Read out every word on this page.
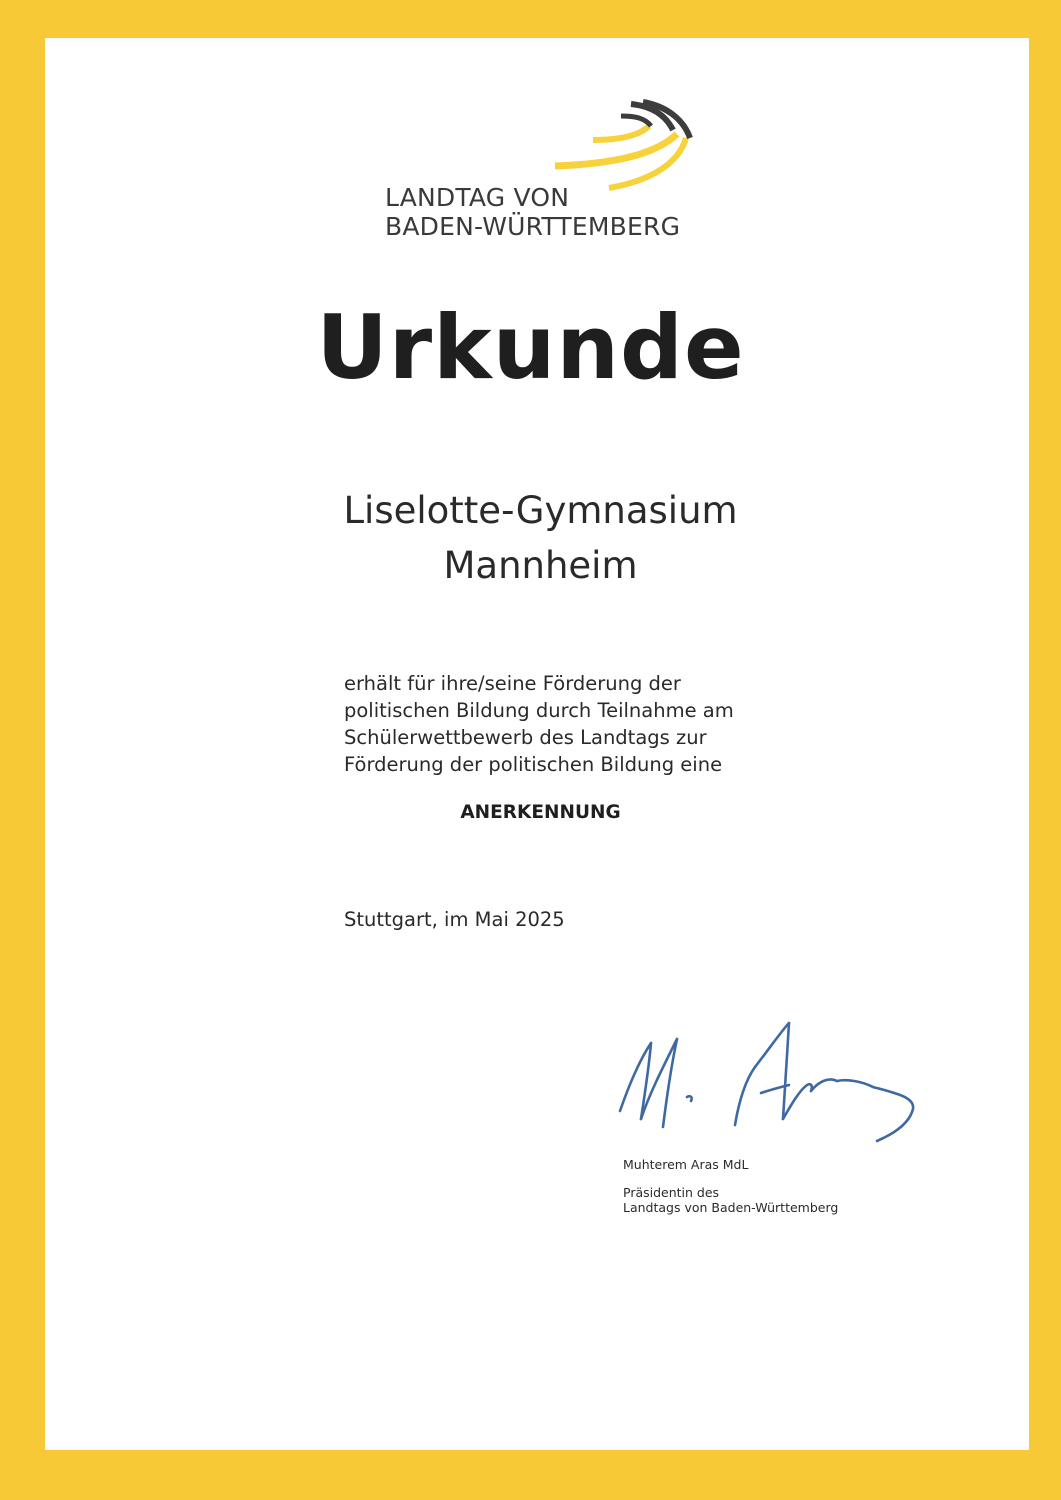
LANDTAG VON
BADEN-WÜRTTEMBERG
Urkunde
Liselotte-Gymnasium
Mannheim
erhält für ihre/seine Förderung der
politischen Bildung durch Teilnahme am
Schülerwettbewerb des Landtags zur
Förderung der politischen Bildung eine
ANERKENNUNG
Stuttgart, im Mai 2025
Muhterem Aras MdL
Präsidentin des
Landtags von Baden-Württemberg
